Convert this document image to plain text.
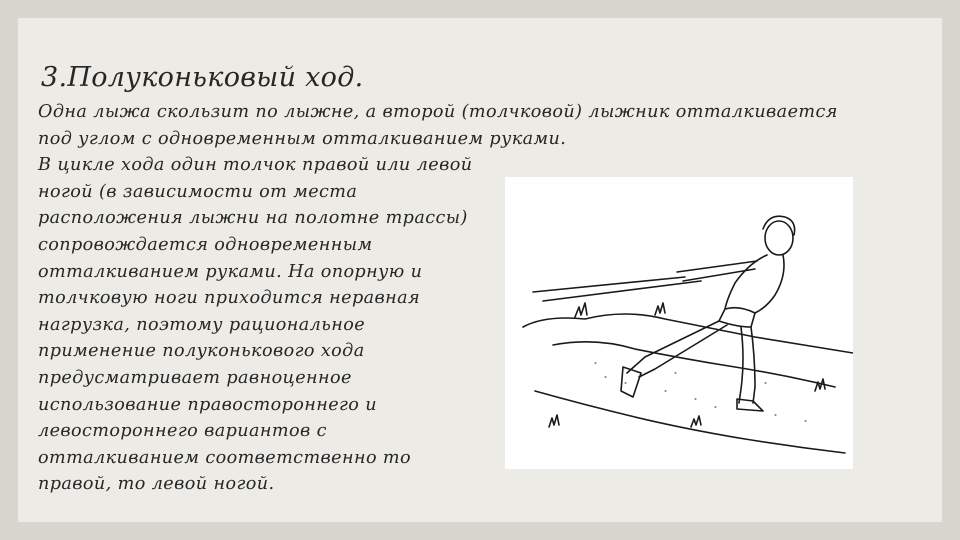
3.Полуконьковый ход.
Одна лыжа скользит по лыжне, а второй (толчковой) лыжник отталкивается
под углом с одновременным отталкиванием руками.
В цикле хода один толчок правой или левой
ногой (в зависимости от места
расположения лыжни на полотне трассы)
сопровождается одновременным
отталкиванием руками. На опорную и
толчковую ноги приходится неравная
нагрузка, поэтому рациональное
применение полуконькового хода
предусматривает равноценное
использование правостороннего и
левостороннего вариантов с
отталкиванием соответственно то
правой, то левой ногой.
